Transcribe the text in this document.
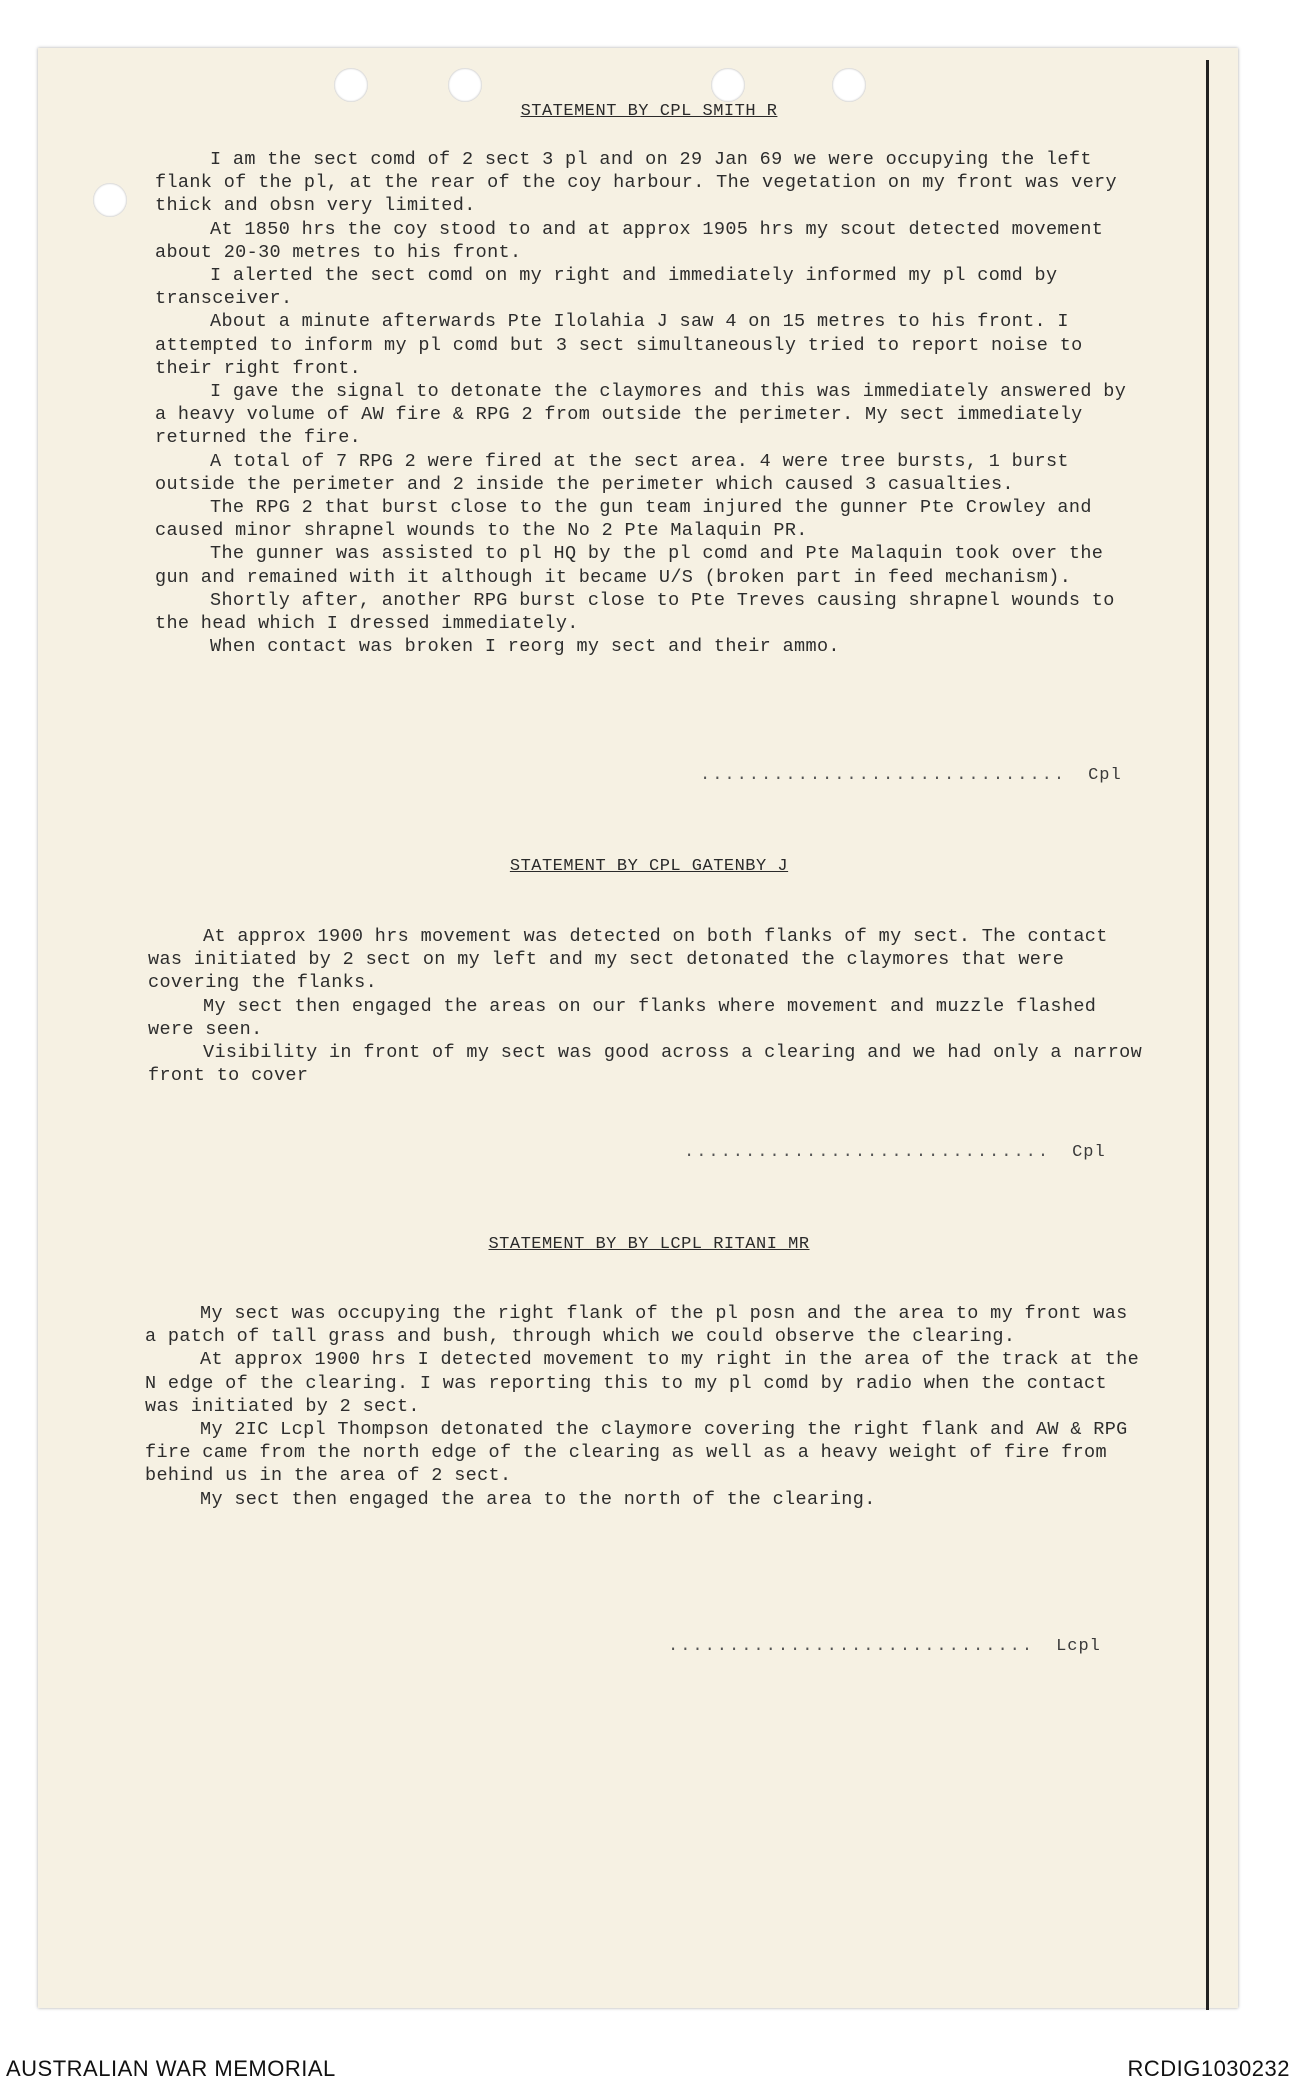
STATEMENT BY CPL SMITH R

I am the sect comd of 2 sect 3 pl and on 29 Jan 69 we were occupying the left flank of the pl, at the rear of the coy harbour. The vegetation on my front was very thick and obsn very limited.

At 1850 hrs the coy stood to and at approx 1905 hrs my scout detected movement about 20-30 metres to his front.

I alerted the sect comd on my right and immediately informed my pl comd by transceiver.

About a minute afterwards Pte Ilolahia J saw 4 on 15 metres to his front. I attempted to inform my pl comd but 3 sect simultaneously tried to report noise to their right front.

I gave the signal to detonate the claymores and this was immediately answered by a heavy volume of AW fire & RPG 2 from outside the perimeter. My sect immediately returned the fire.

A total of 7 RPG 2 were fired at the sect area. 4 were tree bursts, 1 burst outside the perimeter and 2 inside the perimeter which caused 3 casualties.

The RPG 2 that burst close to the gun team injured the gunner Pte Crowley and caused minor shrapnel wounds to the No 2 Pte Malaquin PR.

The gunner was assisted to pl HQ by the pl comd and Pte Malaquin took over the gun and remained with it although it became U/S (broken part in feed mechanism).

Shortly after, another RPG burst close to Pte Treves causing shrapnel wounds to the head which I dressed immediately.

When contact was broken I reorg my sect and their ammo.

.............................. Cpl
STATEMENT BY CPL GATENBY J

At approx 1900 hrs movement was detected on both flanks of my sect. The contact was initiated by 2 sect on my left and my sect detonated the claymores that were covering the flanks.

My sect then engaged the areas on our flanks where movement and muzzle flashed were seen.

Visibility in front of my sect was good across a clearing and we had only a narrow front to cover

.............................. Cpl
STATEMENT BY BY LCPL RITANI MR

My sect was occupying the right flank of the pl posn and the area to my front was a patch of tall grass and bush, through which we could observe the clearing.

At approx 1900 hrs I detected movement to my right in the area of the track at the N edge of the clearing. I was reporting this to my pl comd by radio when the contact was initiated by 2 sect.

My 2IC Lcpl Thompson detonated the claymore covering the right flank and AW & RPG fire came from the north edge of the clearing as well as a heavy weight of fire from behind us in the area of 2 sect.

My sect then engaged the area to the north of the clearing.

.............................. Lcpl
AUSTRALIAN WAR MEMORIAL	RCDIG1030232
